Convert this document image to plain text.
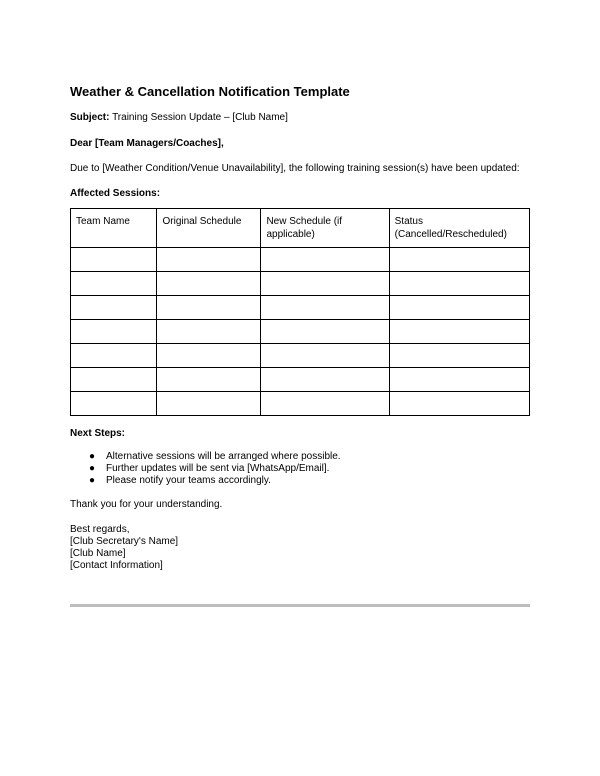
Weather & Cancellation Notification Template
Subject: Training Session Update – [Club Name]
Dear [Team Managers/Coaches],
Due to [Weather Condition/Venue Unavailability], the following training session(s) have been updated:
Affected Sessions:
Team Name	Original Schedule	New Schedule (if applicable)	Status (Cancelled/Rescheduled)

Next Steps:
● Alternative sessions will be arranged where possible.
● Further updates will be sent via [WhatsApp/Email].
● Please notify your teams accordingly.
Thank you for your understanding.
Best regards,
[Club Secretary's Name]
[Club Name]
[Contact Information]
